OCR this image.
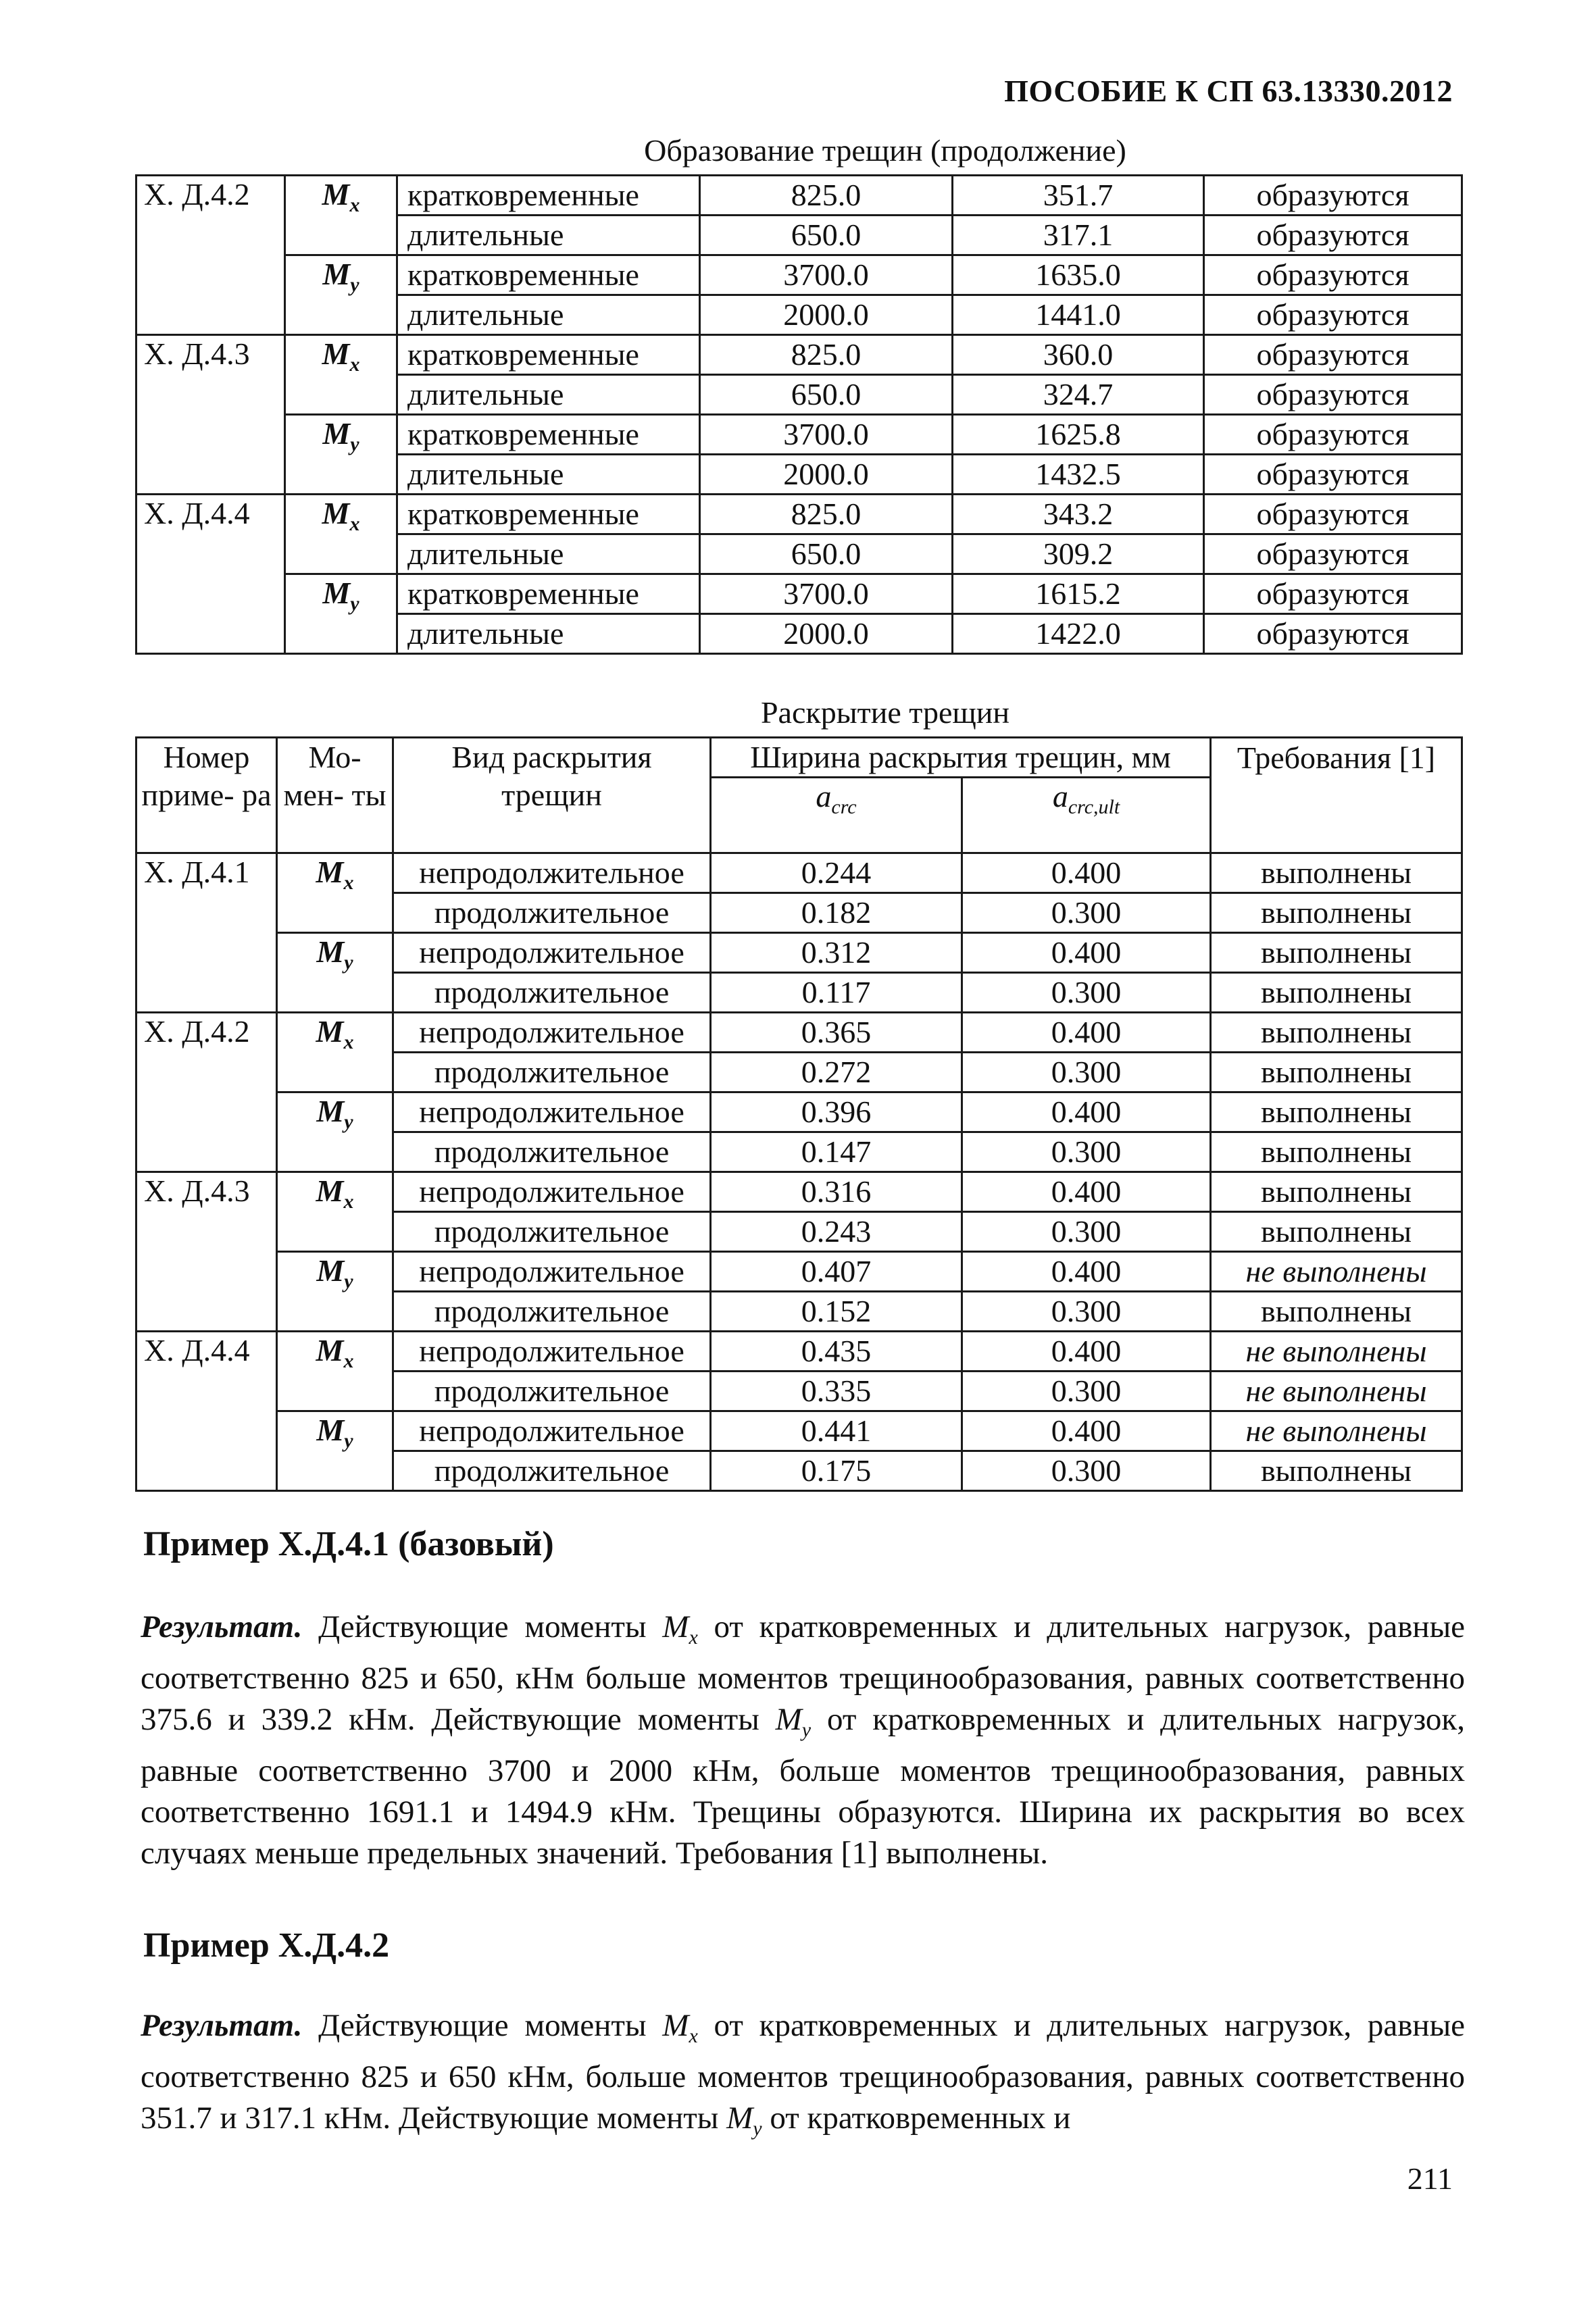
ПОСОБИЕ К СП 63.13330.2012
Образование трещин (продолжение)
Х. Д.4.2	$M_x$	кратковременные	825.0	351.7	образуются
		длительные	650.0	317.1	образуются
	$M_y$	кратковременные	3700.0	1635.0	образуются
		длительные	2000.0	1441.0	образуются
Х. Д.4.3	$M_x$	кратковременные	825.0	360.0	образуются
		длительные	650.0	324.7	образуются
	$M_y$	кратковременные	3700.0	1625.8	образуются
		длительные	2000.0	1432.5	образуются
Х. Д.4.4	$M_x$	кратковременные	825.0	343.2	образуются
		длительные	650.0	309.2	образуются
	$M_y$	кратковременные	3700.0	1615.2	образуются
		длительные	2000.0	1422.0	образуются
Раскрытие трещин
Номер приме- ра	Мо- мен- ты	Вид раскрытия трещин	Ширина раскрытия трещин, мм		Требования [1]
			$a_{crc}$	$a_{crc,ult}$
Х. Д.4.1	$M_x$	непродолжительное	0.244	0.400	выполнены
		продолжительное	0.182	0.300	выполнены
	$M_y$	непродолжительное	0.312	0.400	выполнены
		продолжительное	0.117	0.300	выполнены
Х. Д.4.2	$M_x$	непродолжительное	0.365	0.400	выполнены
		продолжительное	0.272	0.300	выполнены
	$M_y$	непродолжительное	0.396	0.400	выполнены
		продолжительное	0.147	0.300	выполнены
Х. Д.4.3	$M_x$	непродолжительное	0.316	0.400	выполнены
		продолжительное	0.243	0.300	выполнены
	$M_y$	непродолжительное	0.407	0.400	не выполнены
		продолжительное	0.152	0.300	выполнены
Х. Д.4.4	$M_x$	непродолжительное	0.435	0.400	не выполнены
		продолжительное	0.335	0.300	не выполнены
	$M_y$	непродолжительное	0.441	0.400	не выполнены
		продолжительное	0.175	0.300	выполнены
Пример Х.Д.4.1 (базовый)
Результат. Действующие моменты $M_x$ от кратковременных и длительных нагрузок, равные соответственно 825 и 650, кНм больше моментов трещинообразования, равных соответственно 375.6 и 339.2 кНм. Действующие моменты $M_y$ от кратковременных и длительных нагрузок, равные соответственно 3700 и 2000 кНм, больше моментов трещинообразования, равных соответственно 1691.1 и 1494.9 кНм. Трещины образуются. Ширина их раскрытия во всех случаях меньше предельных значений. Требования [1] выполнены.
Пример Х.Д.4.2
Результат. Действующие моменты $M_x$ от кратковременных и длительных нагрузок, равные соответственно 825 и 650 кНм, больше моментов трещинообразования, равных соответственно 351.7 и 317.1 кНм. Действующие моменты $M_y$ от кратковременных и
211
